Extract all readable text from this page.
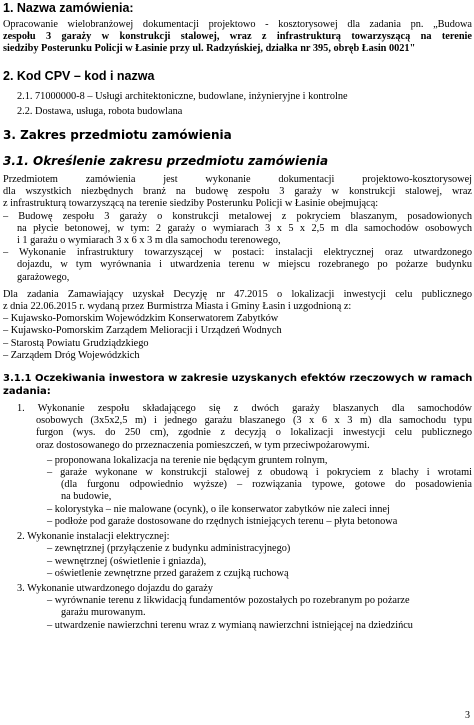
1. Nazwa zamówienia:
Opracowanie wielobranżowej dokumentacji projektowo - kosztorysowej dla zadania pn. „Budowa
zespołu 3 garaży w konstrukcji stalowej, wraz z infrastrukturą towarzyszącą na terenie
siedziby Posterunku Policji w Łasinie przy ul. Radzyńskiej, działka nr 395, obręb Łasin 0021"
2. Kod CPV – kod i nazwa
2.1. 71000000-8 – Usługi architektoniczne, budowlane, inżynieryjne i kontrolne
2.2. Dostawa, usługa, robota budowlana
3. Zakres przedmiotu zamówienia
3.1. Określenie zakresu przedmiotu zamówienia
Przedmiotem zamówienia jest wykonanie dokumentacji projektowo-kosztorysowej
dla wszystkich niezbędnych branż na budowę zespołu 3 garaży w konstrukcji stalowej, wraz
z infrastrukturą towarzyszącą na terenie siedziby Posterunku Policji w Łasinie obejmującą:
– Budowę zespołu 3 garaży o konstrukcji metalowej z pokryciem blaszanym, posadowionych
na płycie betonowej, w tym: 2 garaży o wymiarach 3 x 5 x 2,5 m dla samochodów osobowych
i 1 garażu o wymiarach 3 x 6 x 3 m dla samochodu terenowego,
– Wykonanie infrastruktury towarzyszącej w postaci: instalacji elektrycznej oraz utwardzonego
dojazdu, w tym wyrównania i utwardzenia terenu w miejscu rozebranego po pożarze budynku
garażowego,
Dla zadania Zamawiający uzyskał Decyzję nr 47.2015 o lokalizacji inwestycji celu publicznego
z dnia 22.06.2015 r. wydaną przez Burmistrza Miasta i Gminy Łasin i uzgodnioną z:
– Kujawsko-Pomorskim Wojewódzkim Konserwatorem Zabytków
– Kujawsko-Pomorskim Zarządem Melioracji i Urządzeń Wodnych
– Starostą Powiatu Grudziądzkiego
– Zarządem Dróg Wojewódzkich
3.1.1 Oczekiwania inwestora w zakresie uzyskanych efektów rzeczowych w ramach
zadania:
1. Wykonanie zespołu składającego się z dwóch garaży blaszanych dla samochodów
osobowych (3x5x2,5 m) i jednego garażu blaszanego (3 x 6 x 3 m) dla samochodu typu
furgon (wys. do 250 cm), zgodnie z decyzją o lokalizacji inwestycji celu publicznego
oraz dostosowanego do przeznaczenia pomieszczeń, w tym przeciwpożarowymi.
– proponowana lokalizacja na terenie nie będącym gruntem rolnym,
– garaże wykonane w konstrukcji stalowej z obudową i pokryciem z blachy i wrotami
(dla furgonu odpowiednio wyższe) – rozwiązania typowe, gotowe do posadowienia
na budowie,
– kolorystyka – nie malowane (ocynk), o ile konserwator zabytków nie zaleci innej
– podłoże pod garaże dostosowane do rzędnych istniejących terenu – płyta betonowa
2. Wykonanie instalacji elektrycznej:
– zewnętrznej (przyłączenie z budynku administracyjnego)
– wewnętrznej (oświetlenie i gniazda),
– oświetlenie zewnętrzne przed garażem z czujką ruchową
3. Wykonanie utwardzonego dojazdu do garaży
– wyrównanie terenu z likwidacją fundamentów pozostałych po rozebranym po pożarze
garażu murowanym.
– utwardzenie nawierzchni terenu wraz z wymianą nawierzchni istniejącej na dziedzińcu
3
